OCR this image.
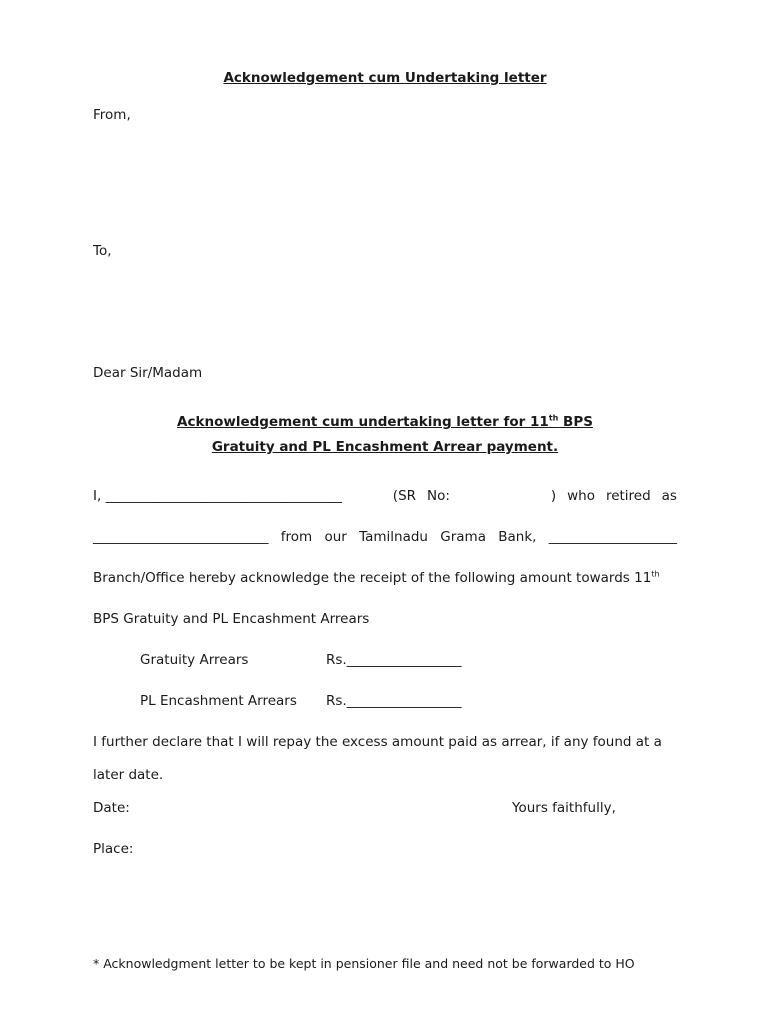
Acknowledgement cum Undertaking letter
From,
To,
Dear Sir/Madam
Acknowledgement cum undertaking letter for 11th BPS
Gratuity and PL Encashment Arrear payment.
I, ___________________________________	(SR No:	) who retired as
__________________________ from our Tamilnadu Grama Bank, ___________________
Branch/Office hereby acknowledge the receipt of the following amount towards 11th
BPS Gratuity and PL Encashment Arrears
Gratuity Arrears	Rs._________________
PL Encashment Arrears Rs._________________
I further declare that I will repay the excess amount paid as arrear, if any found at a
later date.
Date:	Yours faithfully,
Place:
* Acknowledgment letter to be kept in pensioner file and need not be forwarded to HO
